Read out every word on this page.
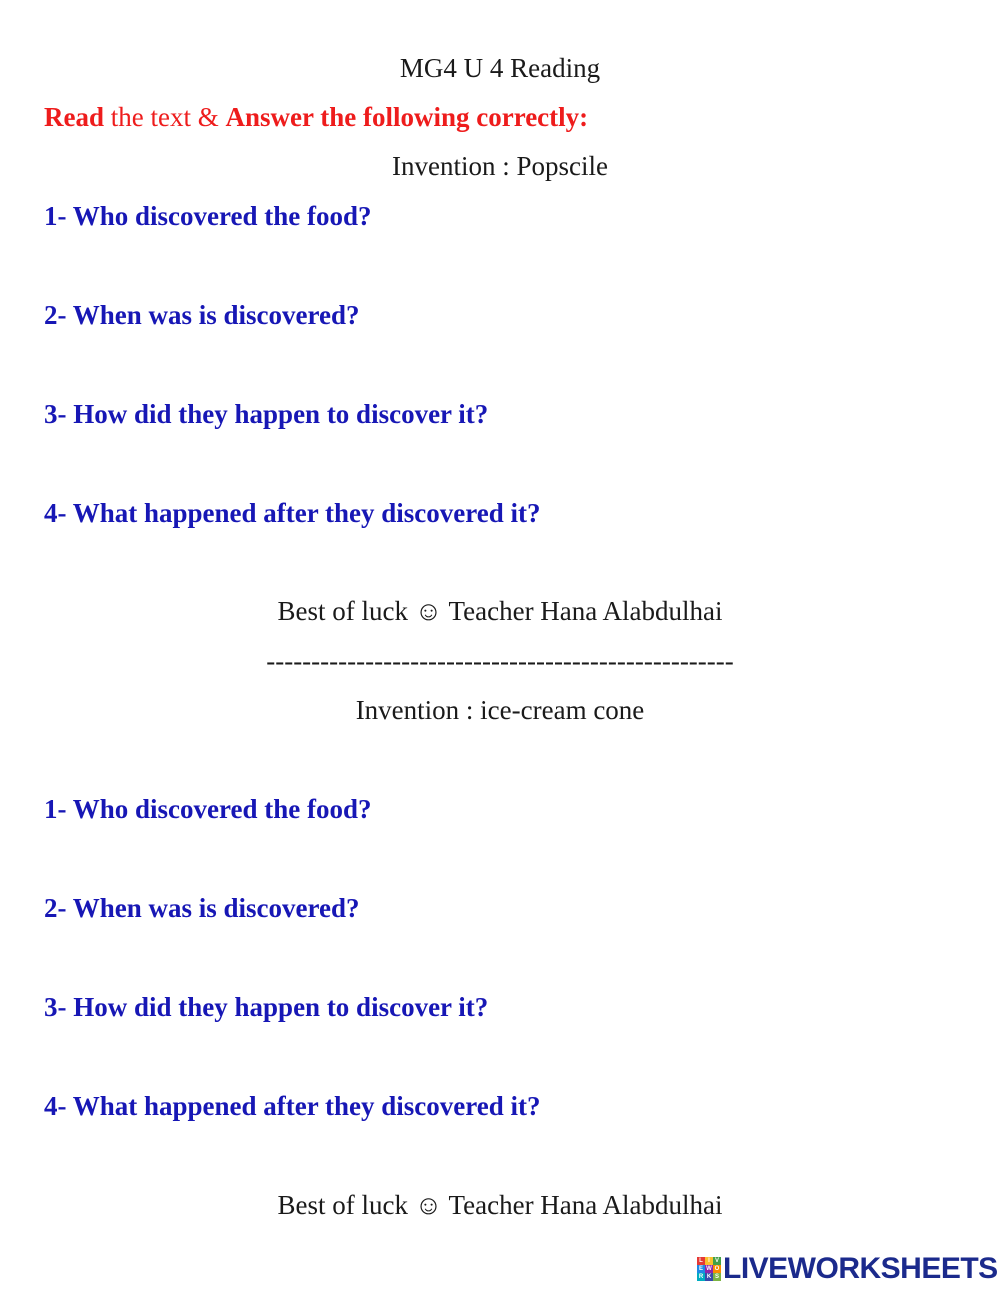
MG4 U 4 Reading
Read the text & Answer the following correctly:
Invention : Popscile
1- Who discovered the food?
2- When was is discovered?
3- How did they happen to discover it?
4- What happened after they discovered it?
Best of luck ☺ Teacher Hana Alabdulhai
----------------------------------------------------
Invention : ice-cream cone
1- Who discovered the food?
2- When was is discovered?
3- How did they happen to discover it?
4- What happened after they discovered it?
Best of luck ☺ Teacher Hana Alabdulhai
L I V
E W O
R K S LIVEWORKSHEETS
